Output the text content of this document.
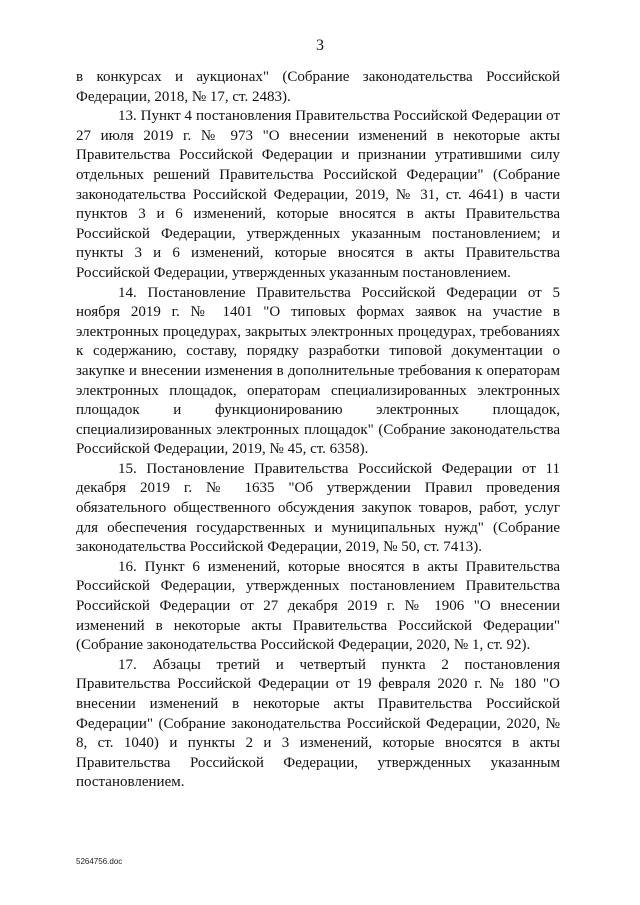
3

в конкурсах и аукционах" (Собрание законодательства Российской Федерации, 2018, № 17, ст. 2483).

13. Пункт 4 постановления Правительства Российской Федерации от 27 июля 2019 г. № 973 "О внесении изменений в некоторые акты Правительства Российской Федерации и признании утратившими силу отдельных решений Правительства Российской Федерации" (Собрание законодательства Российской Федерации, 2019, № 31, ст. 4641) в части пунктов 3 и 6 изменений, которые вносятся в акты Правительства Российской Федерации, утвержденных указанным постановлением; и пункты 3 и 6 изменений, которые вносятся в акты Правительства Российской Федерации, утвержденных указанным постановлением.

14. Постановление Правительства Российской Федерации от 5 ноября 2019 г. № 1401 "О типовых формах заявок на участие в электронных процедурах, закрытых электронных процедурах, требованиях к содержанию, составу, порядку разработки типовой документации о закупке и внесении изменения в дополнительные требования к операторам электронных площадок, операторам специализированных электронных площадок и функционированию электронных площадок, специализированных электронных площадок" (Собрание законодательства Российской Федерации, 2019, № 45, ст. 6358).

15. Постановление Правительства Российской Федерации от 11 декабря 2019 г. № 1635 "Об утверждении Правил проведения обязательного общественного обсуждения закупок товаров, работ, услуг для обеспечения государственных и муниципальных нужд" (Собрание законодательства Российской Федерации, 2019, № 50, ст. 7413).

16. Пункт 6 изменений, которые вносятся в акты Правительства Российской Федерации, утвержденных постановлением Правительства Российской Федерации от 27 декабря 2019 г. № 1906 "О внесении изменений в некоторые акты Правительства Российской Федерации" (Собрание законодательства Российской Федерации, 2020, № 1, ст. 92).

17. Абзацы третий и четвертый пункта 2 постановления Правительства Российской Федерации от 19 февраля 2020 г. № 180 "О внесении изменений в некоторые акты Правительства Российской Федерации" (Собрание законодательства Российской Федерации, 2020, № 8, ст. 1040) и пункты 2 и 3 изменений, которые вносятся в акты Правительства Российской Федерации, утвержденных указанным постановлением.

5264756.doc
